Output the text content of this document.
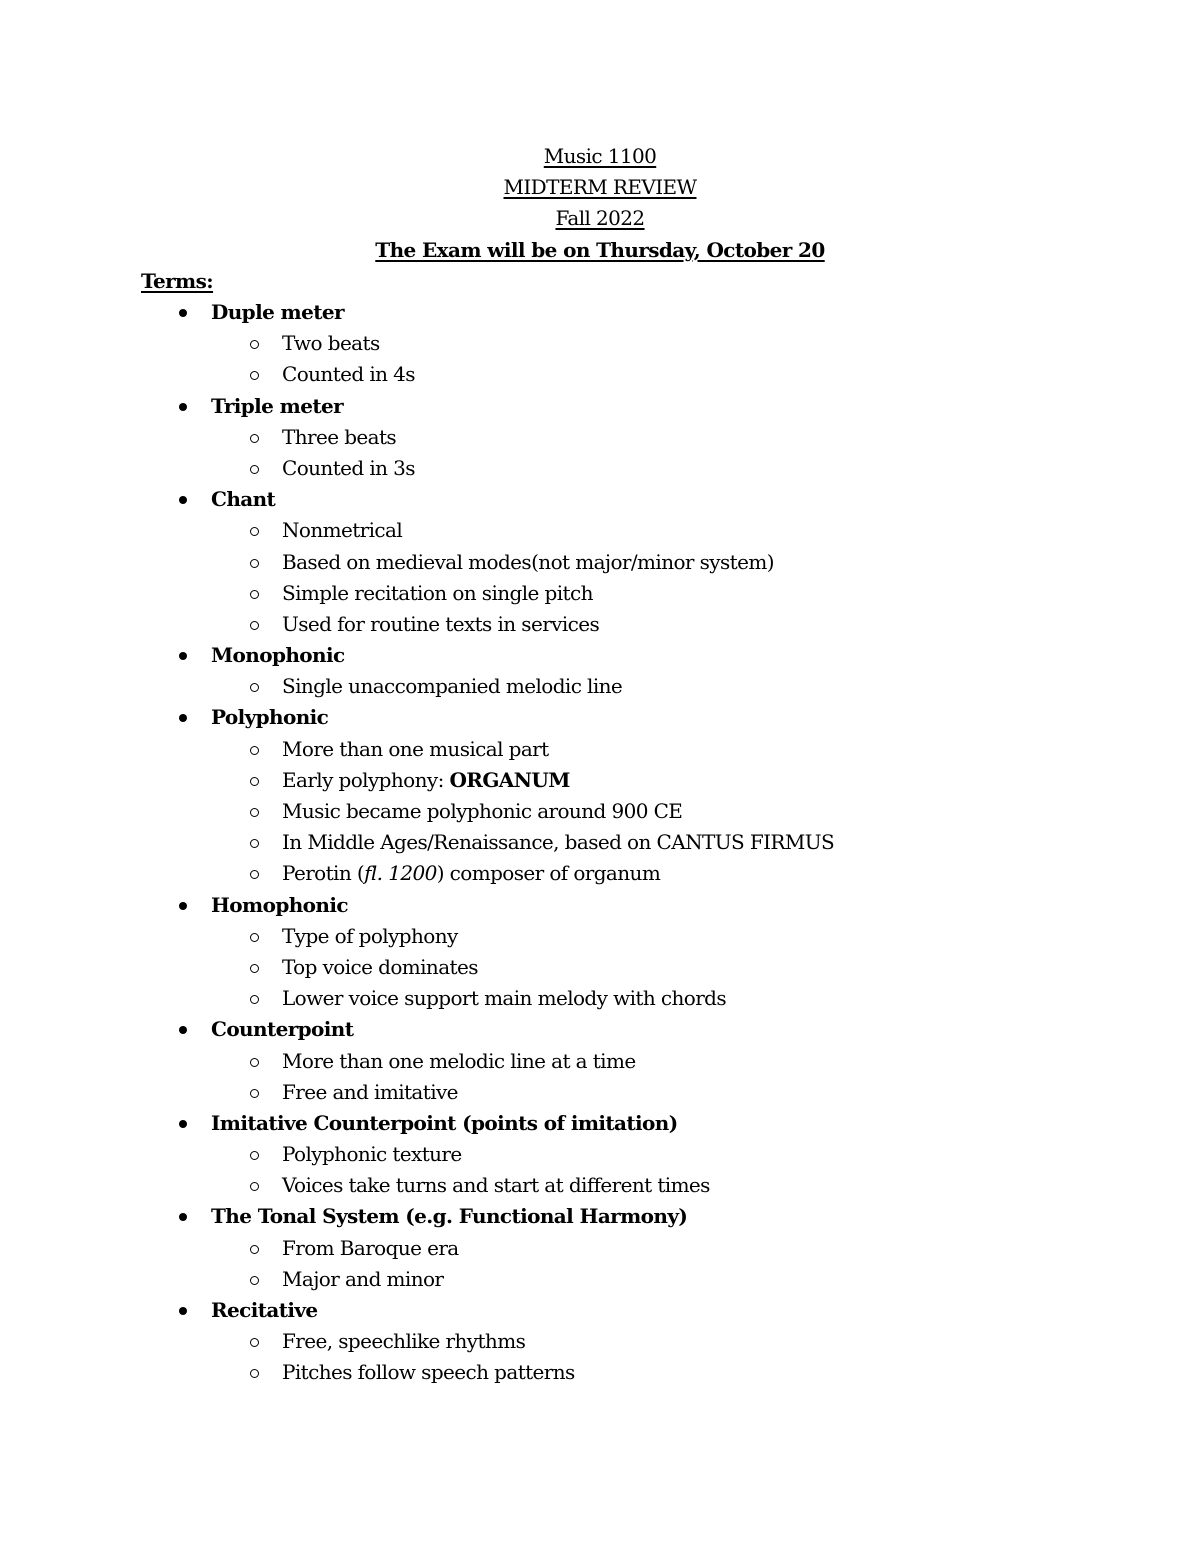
Music 1100
MIDTERM REVIEW
Fall 2022
The Exam will be on Thursday, October 20
Terms:
Duple meter
Two beats
Counted in 4s
Triple meter
Three beats
Counted in 3s
Chant
Nonmetrical
Based on medieval modes(not major/minor system)
Simple recitation on single pitch
Used for routine texts in services
Monophonic
Single unaccompanied melodic line
Polyphonic
More than one musical part
Early polyphony: ORGANUM
Music became polyphonic around 900 CE
In Middle Ages/Renaissance, based on CANTUS FIRMUS
Perotin (fl. 1200) composer of organum
Homophonic
Type of polyphony
Top voice dominates
Lower voice support main melody with chords
Counterpoint
More than one melodic line at a time
Free and imitative
Imitative Counterpoint (points of imitation)
Polyphonic texture
Voices take turns and start at different times
The Tonal System (e.g. Functional Harmony)
From Baroque era
Major and minor
Recitative
Free, speechlike rhythms
Pitches follow speech patterns
